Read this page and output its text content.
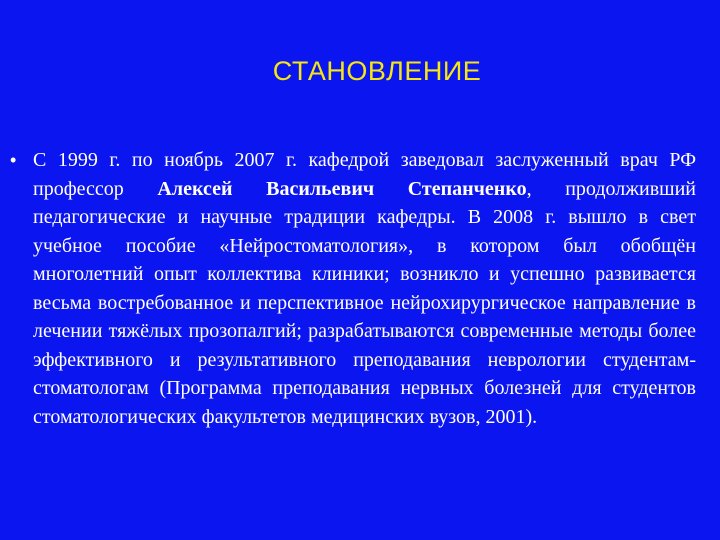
СТАНОВЛЕНИЕ
• С 1999 г. по ноябрь 2007 г. кафедрой заведовал заслуженный врач РФ профессор Алексей Васильевич Степанченко, продолживший педагогические и научные традиции кафедры. В 2008 г. вышло в свет учебное пособие «Нейростоматология», в котором был обобщён многолетний опыт коллектива клиники; возникло и успешно развивается весьма востребованное и перспективное нейрохирургическое направление в лечении тяжёлых прозопалгий; разрабатываются современные методы более эффективного и результативного преподавания неврологии студентам-стоматологам (Программа преподавания нервных болезней для студентов стоматологических факультетов медицинских вузов, 2001).
